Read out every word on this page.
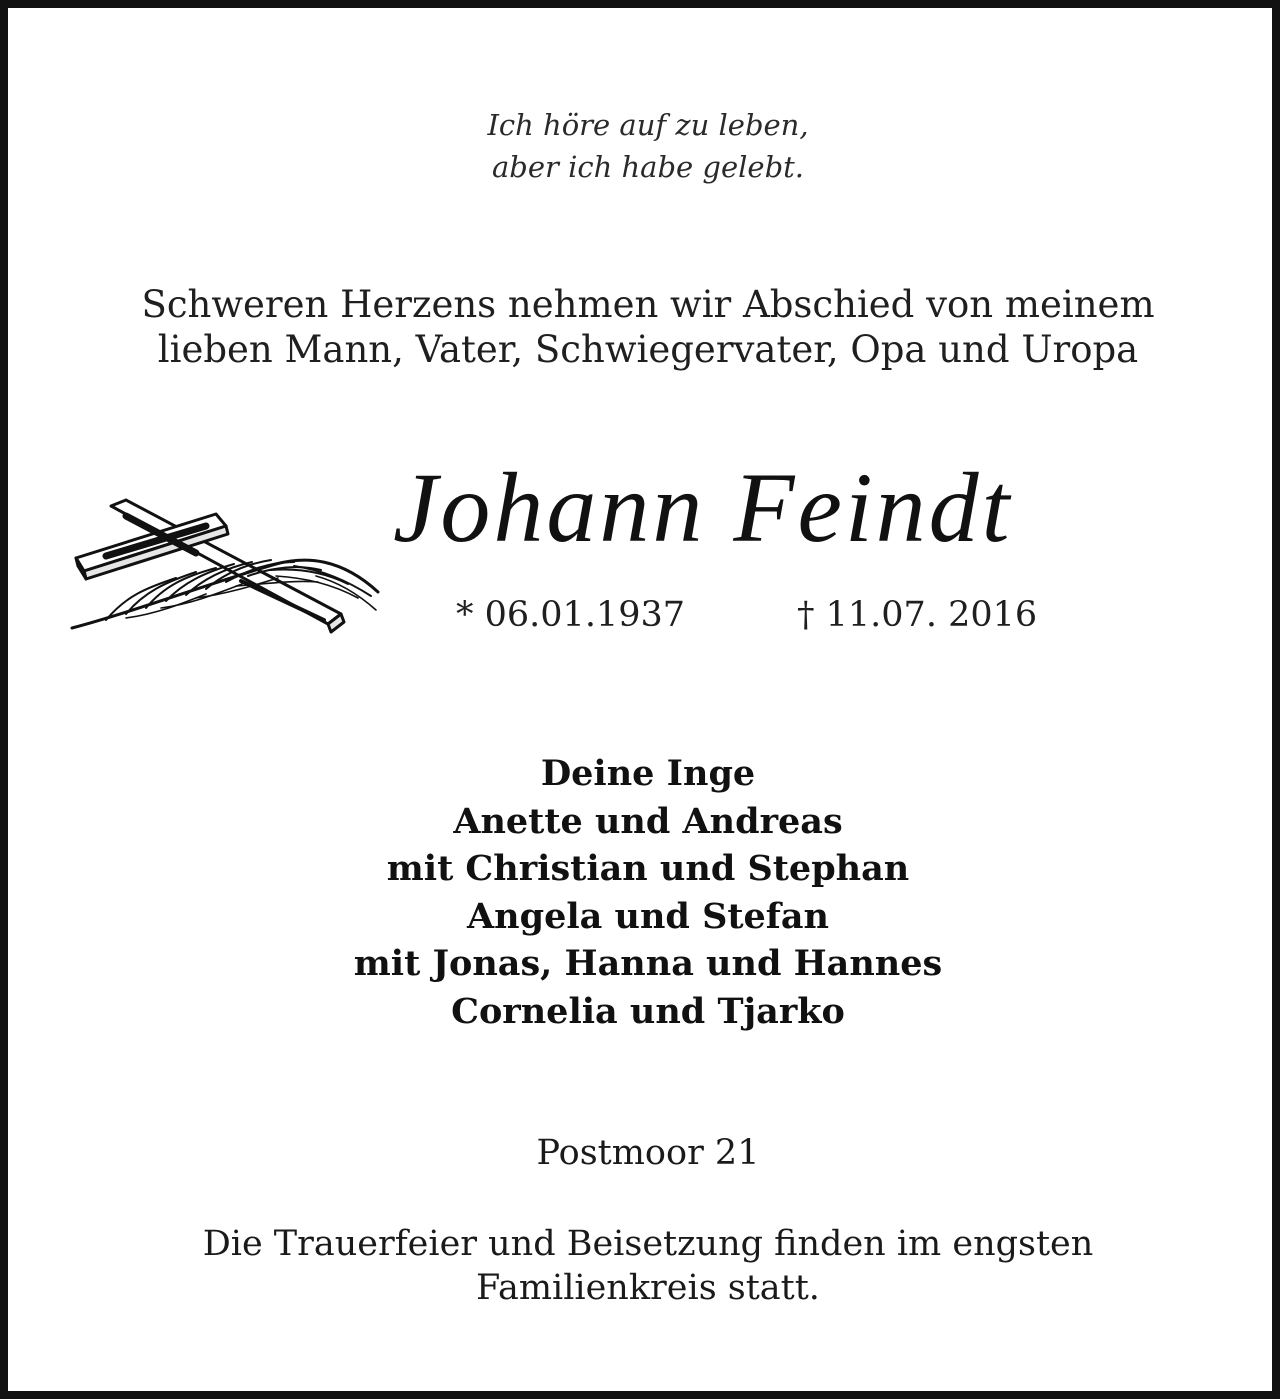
Ich höre auf zu leben,
aber ich habe gelebt.
Schweren Herzens nehmen wir Abschied von meinem
lieben Mann, Vater, Schwiegervater, Opa und Uropa
Johann Feindt
* 06.01.1937	† 11.07. 2016
Deine Inge
Anette und Andreas
mit Christian und Stephan
Angela und Stefan
mit Jonas, Hanna und Hannes
Cornelia und Tjarko
Postmoor 21
Die Trauerfeier und Beisetzung finden im engsten
Familienkreis statt.
